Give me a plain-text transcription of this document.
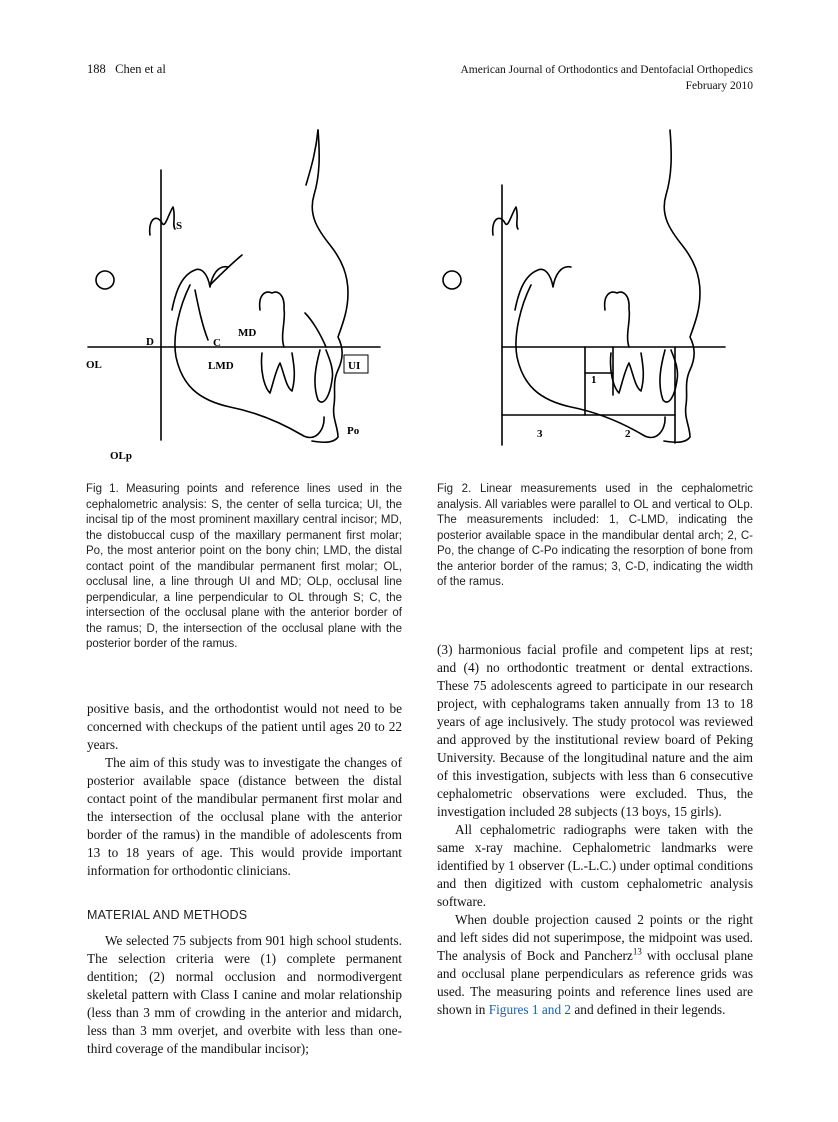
188 Chen et al	American Journal of Orthodontics and Dentofacial Orthopedics
February 2010
S
MD
C
D
OL	LMD	UI
Po
OLp
1
2
3
Fig 1. Measuring points and reference lines used in the cephalometric analysis: S, the center of sella turcica; UI, the incisal tip of the most prominent maxillary central incisor; MD, the distobuccal cusp of the maxillary permanent first molar; Po, the most anterior point on the bony chin; LMD, the distal contact point of the mandibular permanent first molar; OL, occlusal line, a line through UI and MD; OLp, occlusal line perpendicular, a line perpendicular to OL through S; C, the intersection of the occlusal plane with the anterior border of the ramus; D, the intersection of the occlusal plane with the posterior border of the ramus.
Fig 2. Linear measurements used in the cephalometric analysis. All variables were parallel to OL and vertical to OLp. The measurements included: 1, C-LMD, indicating the posterior available space in the mandibular dental arch; 2, C-Po, the change of C-Po indicating the resorption of bone from the anterior border of the ramus; 3, C-D, indicating the width of the ramus.

positive basis, and the orthodontist would not need to be concerned with checkups of the patient until ages 20 to 22 years.

The aim of this study was to investigate the changes of posterior available space (distance between the distal contact point of the mandibular permanent first molar and the intersection of the occlusal plane with the anterior border of the ramus) in the mandible of adolescents from 13 to 18 years of age. This would provide important information for orthodontic clinicians.

MATERIAL AND METHODS

We selected 75 subjects from 901 high school students. The selection criteria were (1) complete permanent dentition; (2) normal occlusion and normodivergent skeletal pattern with Class I canine and molar relationship (less than 3 mm of crowding in the anterior and midarch, less than 3 mm overjet, and overbite with less than one-third coverage of the mandibular incisor);

(3) harmonious facial profile and competent lips at rest; and (4) no orthodontic treatment or dental extractions. These 75 adolescents agreed to participate in our research project, with cephalograms taken annually from 13 to 18 years of age inclusively. The study protocol was reviewed and approved by the institutional review board of Peking University. Because of the longitudinal nature and the aim of this investigation, subjects with less than 6 consecutive cephalometric observations were excluded. Thus, the investigation included 28 subjects (13 boys, 15 girls).

All cephalometric radiographs were taken with the same x-ray machine. Cephalometric landmarks were identified by 1 observer (L.-L.C.) under optimal conditions and then digitized with custom cephalometric analysis software.

When double projection caused 2 points or the right and left sides did not superimpose, the midpoint was used. The analysis of Bock and Pancherz$^{13}$ with occlusal plane and occlusal plane perpendiculars as reference grids was used. The measuring points and reference lines used are shown in Figures 1 and 2 and defined in their legends.
